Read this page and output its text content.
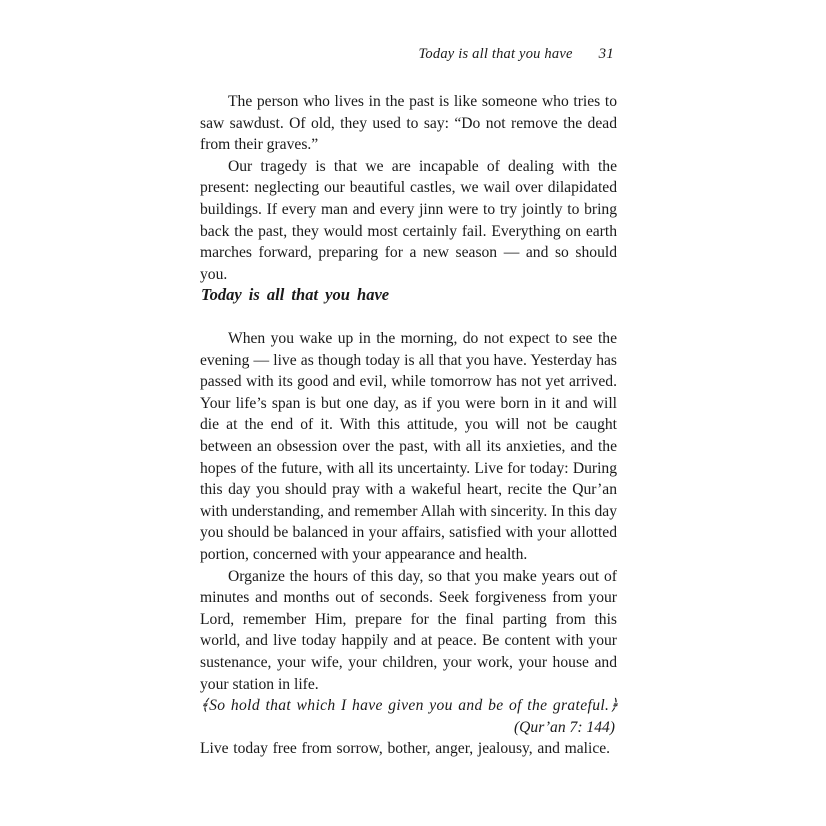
Today is all that you have 31

The person who lives in the past is like someone who tries to saw sawdust. Of old, they used to say: “Do not remove the dead from their graves.”

Our tragedy is that we are incapable of dealing with the present: neglecting our beautiful castles, we wail over dilapidated buildings. If every man and every jinn were to try jointly to bring back the past, they would most certainly fail. Everything on earth marches forward, preparing for a new season — and so should you.

Today is all that you have

When you wake up in the morning, do not expect to see the evening — live as though today is all that you have. Yesterday has passed with its good and evil, while tomorrow has not yet arrived. Your life’s span is but one day, as if you were born in it and will die at the end of it. With this attitude, you will not be caught between an obsession over the past, with all its anxieties, and the hopes of the future, with all its uncertainty. Live for today: During this day you should pray with a wakeful heart, recite the Qur’an with understanding, and remember Allah with sincerity. In this day you should be balanced in your affairs, satisfied with your allotted portion, concerned with your appearance and health.

Organize the hours of this day, so that you make years out of minutes and months out of seconds. Seek forgiveness from your Lord, remember Him, prepare for the final parting from this world, and live today happily and at peace. Be content with your sustenance, your wife, your children, your work, your house and your station in life.

﴾So hold that which I have given you and be of the grateful.﴿

(Qur’an 7: 144)

Live today free from sorrow, bother, anger, jealousy, and malice.
